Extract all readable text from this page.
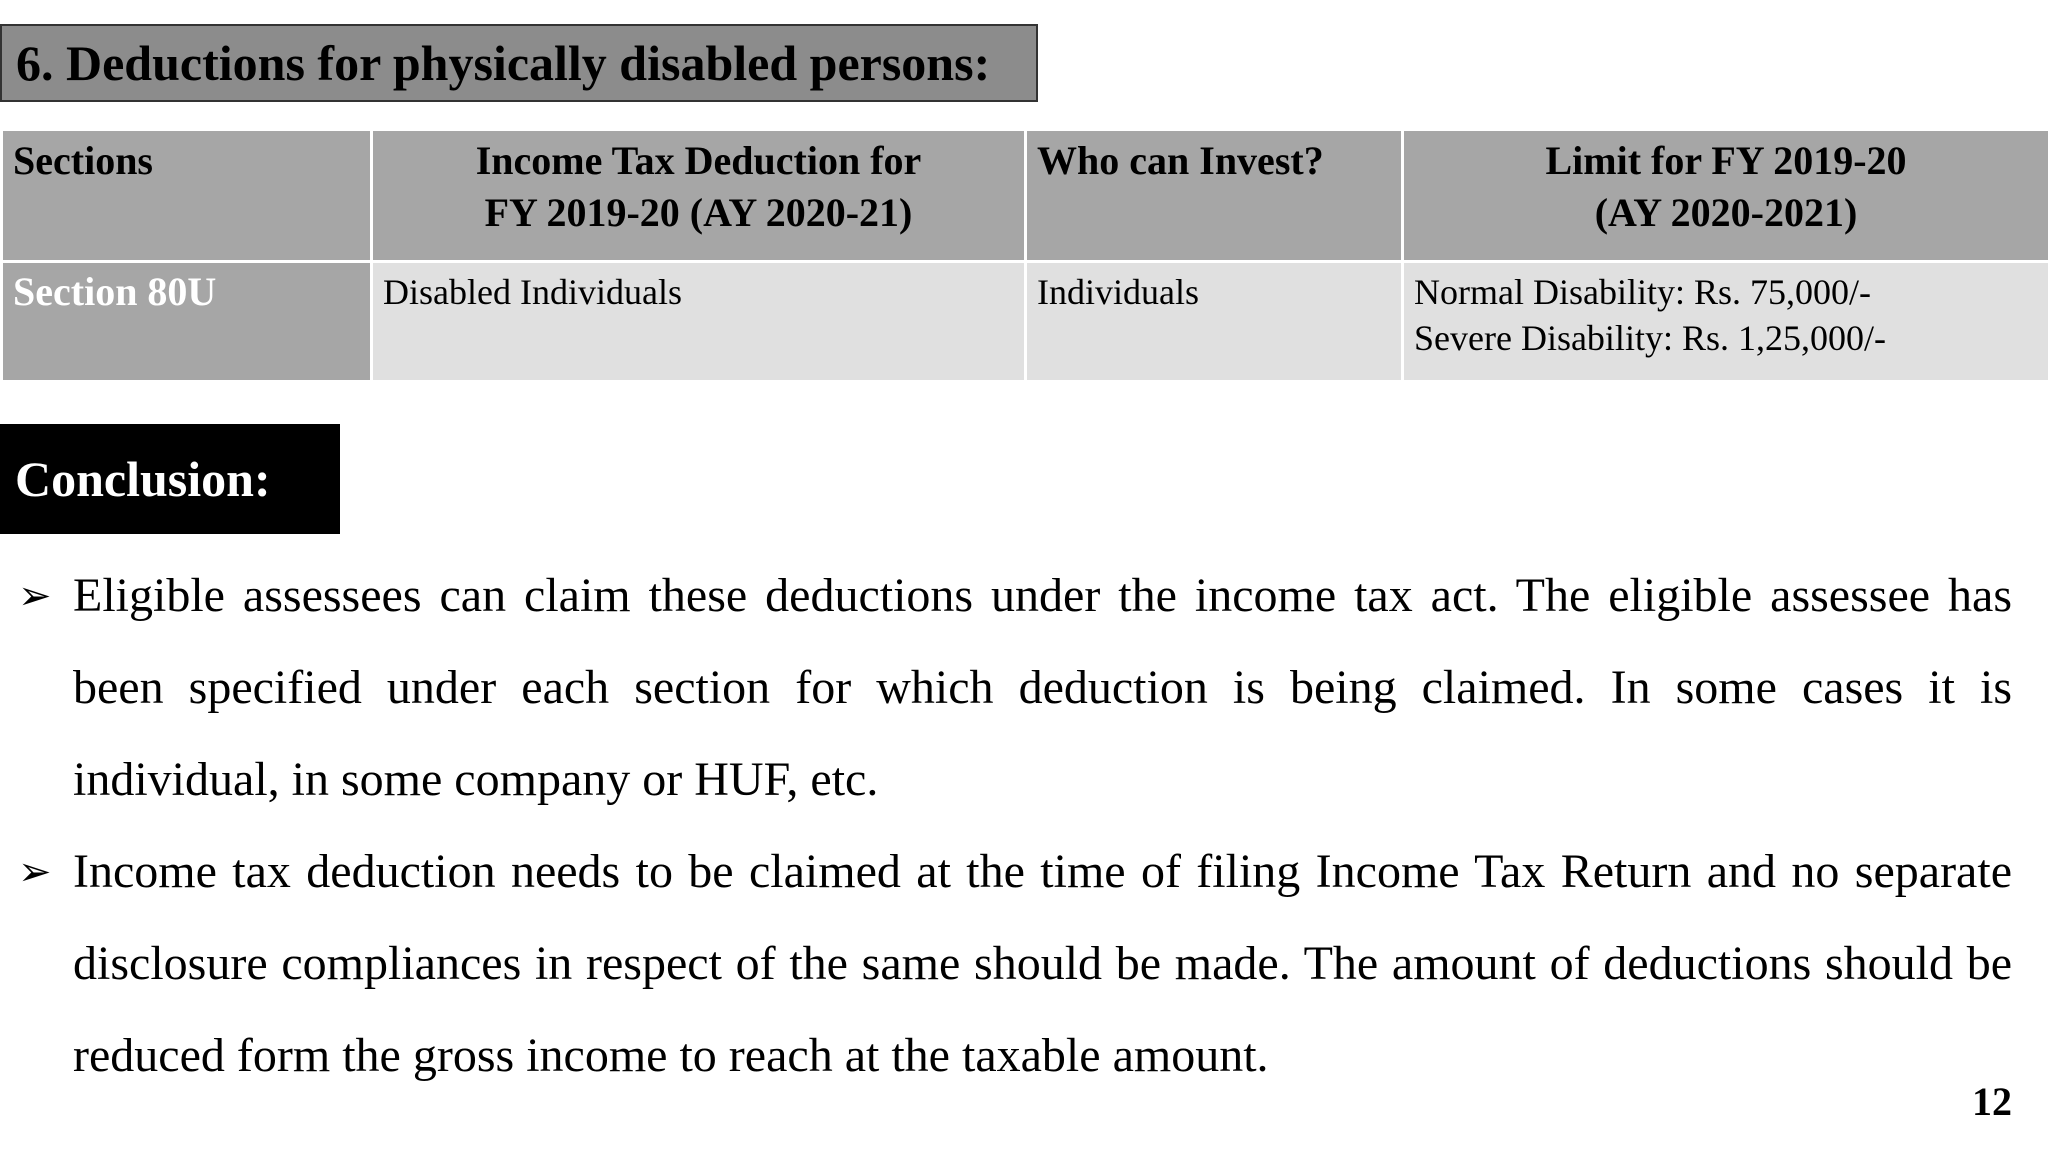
6. Deductions for physically disabled persons:
Sections	Income Tax Deduction for
FY 2019-20 (AY 2020-21)	Who can Invest?	Limit for FY 2019-20
(AY 2020-2021)
Section 80U	Disabled Individuals	Individuals	Normal Disability: Rs. 75,000/-
Severe Disability: Rs. 1,25,000/-
Conclusion:
➢ Eligible assessees can claim these deductions under the income tax act. The eligible assessee has been specified under each section for which deduction is being claimed. In some cases it is individual, in some company or HUF, etc.
➢ Income tax deduction needs to be claimed at the time of filing Income Tax Return and no separate disclosure compliances in respect of the same should be made. The amount of deductions should be reduced form the gross income to reach at the taxable amount.
12
